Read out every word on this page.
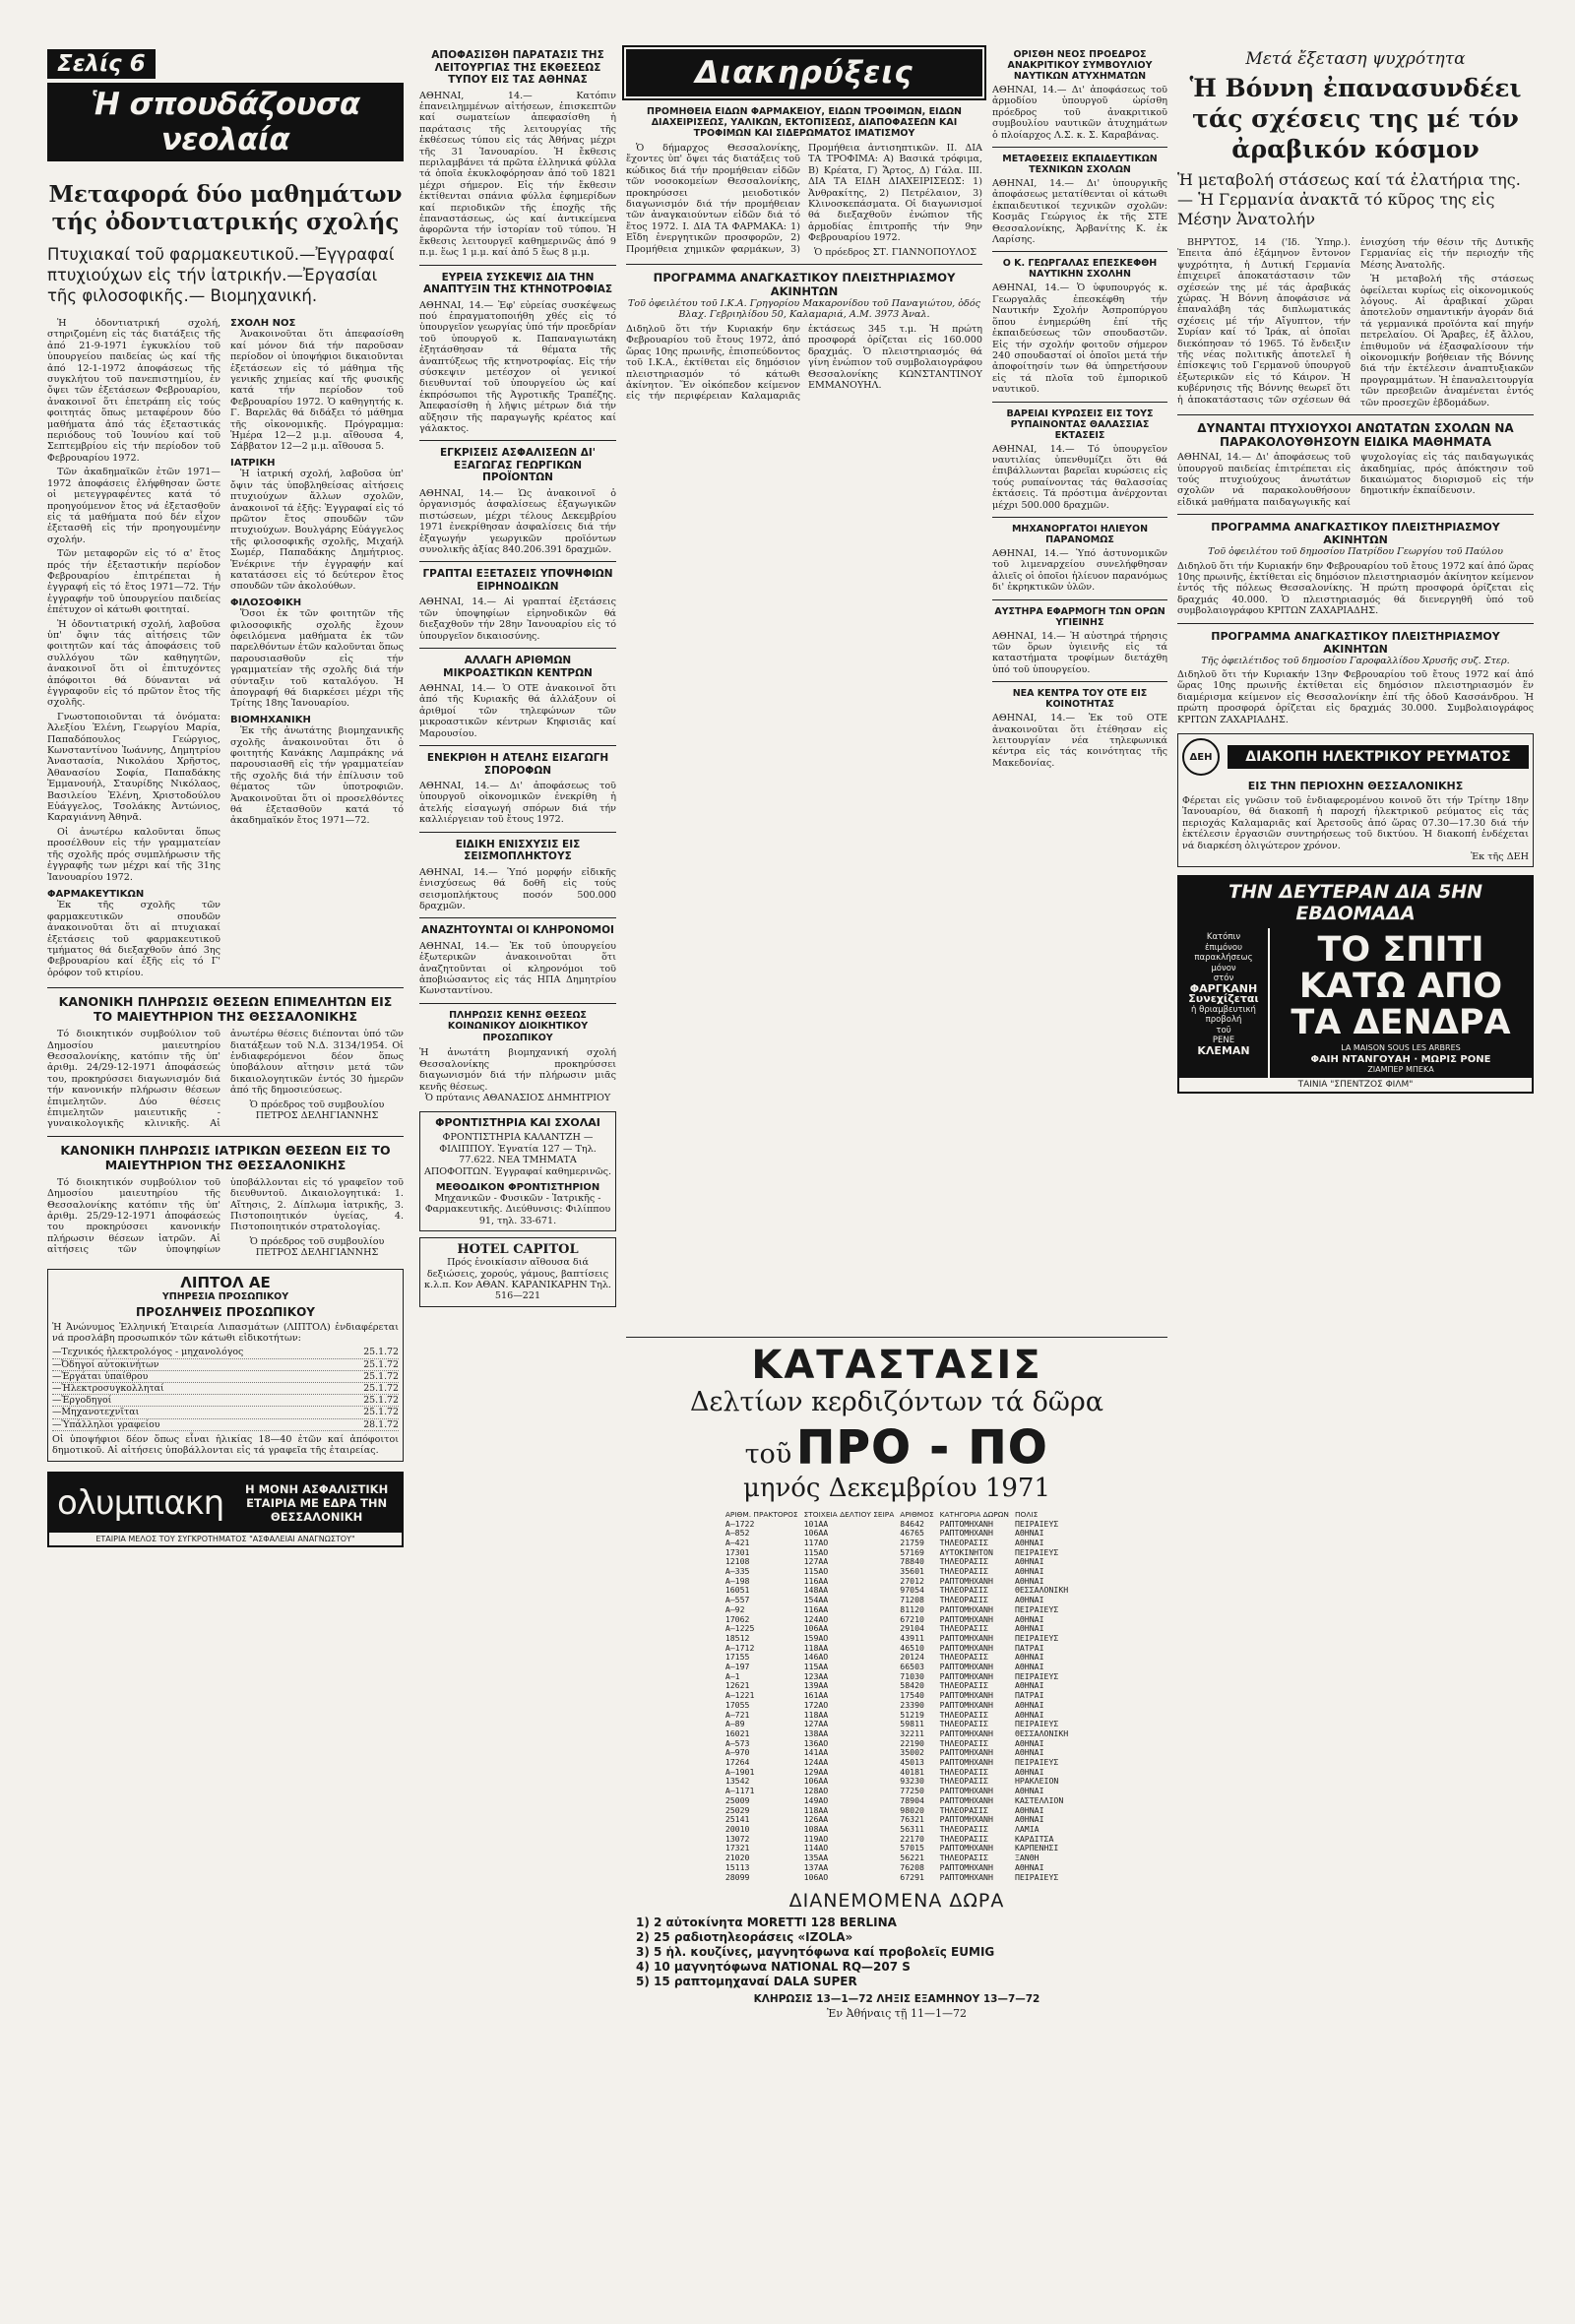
Σελίς 6
Ἡ σπουδάζουσα νεολαία
Μεταφορά δύο μαθημάτων τής ὀδοντιατρικής σχολής
Πτυχιακαί τοῦ φαρμακευτικοῦ.—Ἐγγραφαί πτυχιούχων εἰς τήν ἰατρικήν.—Ἐργασίαι τῆς φιλοσοφικῆς.— Βιομηχανική.

Ἡ ὀδοντιατρική σχολή, στηριζομένη εἰς τάς διατάξεις τῆς ἀπό 21-9-1971 ἐγκυκλίου τοῦ ὑπουργείου παιδείας ὡς καί τῆς ἀπό 12-1-1972 ἀποφάσεως τῆς συγκλήτου τοῦ πανεπιστημίου, ἐν ὄψει τῶν ἐξετάσεων Φεβρουαρίου, ἀνακοινοῖ ὅτι ἐπετράπη εἰς τούς φοιτητάς ὅπως μεταφέρουν δύο μαθήματα ἀπό τάς ἐξεταστικάς περιόδους τοῦ Ἰουνίου καί τοῦ Σεπτεμβρίου εἰς τήν περίοδον τοῦ Φεβρουαρίου 1972.

Τῶν ἀκαδημαϊκῶν ἐτῶν 1971—1972 ἀποφάσεις ἐλήφθησαν ὥστε οἱ μετεγγραφέντες κατά τό προηγούμενον ἔτος νά ἐξετασθοῦν εἰς τά μαθήματα πού δέν εἶχον ἐξετασθῆ εἰς τήν προηγουμένην σχολήν.

Τῶν μεταφορῶν εἰς τό α' ἔτος πρός τήν ἐξεταστικήν περίοδον Φεβρουαρίου ἐπιτρέπεται ἡ ἐγγραφή εἰς τό ἔτος 1971—72. Τήν ἐγγραφήν τοῦ ὑπουργείου παιδείας ἐπέτυχον οἱ κάτωθι φοιτηταί.

Ἡ ὀδοντιατρική σχολή, λαβοῦσα ὑπ' ὄψιν τάς αἰτήσεις τῶν φοιτητῶν καί τάς ἀποφάσεις τοῦ συλλόγου τῶν καθηγητῶν, ἀνακοινοῖ ὅτι οἱ ἐπιτυχόντες ἀπόφοιτοι θά δύνανται νά ἐγγραφοῦν εἰς τό πρῶτον ἔτος τῆς σχολῆς.

Γνωστοποιοῦνται τά ὀνόματα: Ἀλεξίου Ἐλένη, Γεωργίου Μαρία, Παπαδόπουλος Γεώργιος, Κωνσταντίνου Ἰωάννης, Δημητρίου Ἀναστασία, Νικολάου Χρῆστος, Ἀθανασίου Σοφία, Παπαδάκης Ἐμμανουήλ, Σταυρίδης Νικόλαος, Βασιλείου Ἑλένη, Χριστοδούλου Εὐάγγελος, Τσολάκης Ἀντώνιος, Καραγιάννη Ἀθηνᾶ.

Οἱ ἀνωτέρω καλοῦνται ὅπως προσέλθουν εἰς τήν γραμματείαν τῆς σχολῆς πρός συμπλήρωσιν τῆς ἐγγραφῆς των μέχρι καί τῆς 31ης Ἰανουαρίου 1972.

ΦΑΡΜΑΚΕΥΤΙΚΩΝ

Ἐκ τῆς σχολῆς τῶν φαρμακευτικῶν σπουδῶν ἀνακοινοῦται ὅτι αἱ πτυχιακαί ἐξετάσεις τοῦ φαρμακευτικοῦ τμήματος θά διεξαχθοῦν ἀπό 3ης Φεβρουαρίου καί ἑξῆς εἰς τό Γ' ὁρόφον τοῦ κτιρίου.

ΣΧΟΛΗ ΝΟΣ

Ἀνακοινοῦται ὅτι ἀπεφασίσθη καί μόνον διά τήν παροῦσαν περίοδον οἱ ὑποψήφιοι δικαιοῦνται ἐξετάσεων εἰς τό μάθημα τῆς γενικῆς χημείας καί τῆς φυσικῆς κατά τήν περίοδον τοῦ Φεβρουαρίου 1972. Ὁ καθηγητής κ. Γ. Βαρελᾶς θά διδάξει τό μάθημα τῆς οἰκονομικῆς. Πρόγραμμα: Ἡμέρα 12—2 μ.μ. αἴθουσα 4, Σάββατον 12—2 μ.μ. αἴθουσα 5.

ΙΑΤΡΙΚΗ

Ἡ ἰατρική σχολή, λαβοῦσα ὑπ' ὄψιν τάς ὑποβληθείσας αἰτήσεις πτυχιούχων ἄλλων σχολῶν, ἀνακοινοῖ τά ἑξῆς: Ἐγγραφαί εἰς τό πρῶτον ἔτος σπουδῶν τῶν πτυχιούχων. Βουλγάρης Εὐάγγελος τῆς φιλοσοφικῆς σχολῆς, Μιχαήλ Σωμέρ, Παπαδάκης Δημήτριος. Ἐνέκρινε τήν ἐγγραφήν καί κατατάσσει εἰς τό δεύτερον ἔτος σπουδῶν τῶν ἀκολούθων.

ΦΙΛΟΣΟΦΙΚΗ

Ὅσοι ἐκ τῶν φοιτητῶν τῆς φιλοσοφικῆς σχολῆς ἔχουν ὀφειλόμενα μαθήματα ἐκ τῶν παρελθόντων ἐτῶν καλοῦνται ὅπως παρουσιασθοῦν εἰς τήν γραμματείαν τῆς σχολῆς διά τήν σύνταξιν τοῦ καταλόγου. Ἡ ἀπογραφή θά διαρκέσει μέχρι τῆς Τρίτης 18ης Ἰανουαρίου.

ΒΙΟΜΗΧΑΝΙΚΗ

Ἐκ τῆς ἀνωτάτης βιομηχανικῆς σχολῆς ἀνακοινοῦται ὅτι ὁ φοιτητής Κανάκης Λαμπράκης νά παρουσιασθῆ εἰς τήν γραμματείαν τῆς σχολῆς διά τήν ἐπίλυσιν τοῦ θέματος τῶν ὑποτροφιῶν. Ἀνακοινοῦται ὅτι οἱ προσελθόντες θά ἐξετασθοῦν κατά τό ἀκαδημαϊκόν ἔτος 1971—72.

ΚΑΝΟΝΙΚΗ ΠΛΗΡΩΣΙΣ ΘΕΣΕΩΝ ΕΠΙΜΕΛΗΤΩΝ ΕΙΣ ΤΟ ΜΑΙΕΥΤΗΡΙΟΝ ΤΗΣ ΘΕΣΣΑΛΟΝΙΚΗΣ

Τό διοικητικόν συμβούλιον τοῦ Δημοσίου μαιευτηρίου Θεσσαλονίκης, κατόπιν τῆς ὑπ' ἀριθμ. 24/29-12-1971 ἀποφάσεώς του, προκηρύσσει διαγωνισμόν διά τήν κανονικήν πλήρωσιν θέσεων ἐπιμελητῶν. Δύο θέσεις ἐπιμελητῶν μαιευτικῆς - γυναικολογικῆς κλινικῆς. Αἱ ἀνωτέρω θέσεις διέπονται ὑπό τῶν διατάξεων τοῦ Ν.Δ. 3134/1954. Οἱ ἐνδιαφερόμενοι δέον ὅπως ὑποβάλουν αἴτησιν μετά τῶν δικαιολογητικῶν ἐντός 30 ἡμερῶν ἀπό τῆς δημοσιεύσεως.

Ὁ πρόεδρος τοῦ συμβουλίου ΠΕΤΡΟΣ ΔΕΛΗΓΙΑΝΝΗΣ

ΚΑΝΟΝΙΚΗ ΠΛΗΡΩΣΙΣ ΙΑΤΡΙΚΩΝ ΘΕΣΕΩΝ ΕΙΣ ΤΟ ΜΑΙΕΥΤΗΡΙΟΝ ΤΗΣ ΘΕΣΣΑΛΟΝΙΚΗΣ

Τό διοικητικόν συμβούλιον τοῦ Δημοσίου μαιευτηρίου τῆς Θεσσαλονίκης κατόπιν τῆς ὑπ' ἀριθμ. 25/29-12-1971 ἀποφάσεώς του προκηρύσσει κανονικήν πλήρωσιν θέσεων ἰατρῶν. Αἱ αἰτήσεις τῶν ὑποψηφίων ὑποβάλλονται εἰς τό γραφεῖον τοῦ διευθυντοῦ. Δικαιολογητικά: 1. Αἴτησις, 2. Δίπλωμα ἰατρικῆς, 3. Πιστοποιητικόν ὑγείας, 4. Πιστοποιητικόν στρατολογίας.

Ὁ πρόεδρος τοῦ συμβουλίου ΠΕΤΡΟΣ ΔΕΛΗΓΙΑΝΝΗΣ

ΛΙΠΤΟΛ ΑΕ
ΥΠΗΡΕΣΙΑ ΠΡΟΣΩΠΙΚΟΥ
ΠΡΟΣΛΗΨΕΙΣ ΠΡΟΣΩΠΙΚΟΥ
Ἡ Ἀνώνυμος Ἑλληνική Ἑταιρεία Λιπασμάτων (ΛΙΠΤΟΛ) ἐνδιαφέρεται νά προσλάβη προσωπικόν τῶν κάτωθι εἰδικοτήτων:
—Τεχνικός ἠλεκτρολόγος - μηχανολόγος	25.1.72
—Ὀδηγοί αὐτοκινήτων	25.1.72
—Ἐργάται ὑπαίθρου	25.1.72
—Ἠλεκτροσυγκολληταί	25.1.72
—Ἐργοδηγοί	25.1.72
—Μηχανοτεχνῖται	25.1.72
—Ὑπάλληλοι γραφείου	28.1.72
Οἱ ὑποψήφιοι δέον ὅπως εἶναι ἡλικίας 18—40 ἐτῶν καί ἀπόφοιτοι δημοτικοῦ. Αἱ αἰτήσεις ὑποβάλλονται εἰς τά γραφεῖα τῆς ἑταιρείας.
ολυμπιακη	Η ΜΟΝΗ ΑΣΦΑΛΙΣΤΙΚΗ
ΕΤΑΙΡΙΑ ΜΕ ΕΔΡΑ ΤΗΝ ΘΕΣΣΑΛΟΝΙΚΗ
ΕΤΑΙΡΙΑ ΜΕΛΟΣ ΤΟΥ ΣΥΓΚΡΟΤΗΜΑΤΟΣ "ΑΣΦΑΛΕΙΑΙ ΑΝΑΓΝΩΣΤΟΥ"
ΑΠΟΦΑΣΙΣΘΗ ΠΑΡΑΤΑΣΙΣ ΤΗΣ ΛΕΙΤΟΥΡΓΙΑΣ ΤΗΣ ΕΚΘΕΣΕΩΣ ΤΥΠΟΥ ΕΙΣ ΤΑΣ ΑΘΗΝΑΣ
ΑΘΗΝΑΙ, 14.— Κατόπιν ἐπανειλημμένων αἰτήσεων, ἐπισκεπτῶν καί σωματείων ἀπεφασίσθη ἡ παράτασις τῆς λειτουργίας τῆς ἐκθέσεως τύπου εἰς τάς Ἀθήνας μέχρι τῆς 31 Ἰανουαρίου. Ἡ ἔκθεσις περιλαμβάνει τά πρῶτα ἑλληνικά φύλλα τά ὁποῖα ἐκυκλοφόρησαν ἀπό τοῦ 1821 μέχρι σήμερον. Εἰς τήν ἔκθεσιν ἐκτίθενται σπάνια φύλλα ἐφημερίδων καί περιοδικῶν τῆς ἐποχῆς τῆς ἐπαναστάσεως, ὡς καί ἀντικείμενα ἀφορῶντα τήν ἱστορίαν τοῦ τύπου. Ἡ ἔκθεσις λειτουργεῖ καθημερινῶς ἀπό 9 π.μ. ἕως 1 μ.μ. καί ἀπό 5 ἕως 8 μ.μ.
ΕΥΡΕΙΑ ΣΥΣΚΕΨΙΣ ΔΙΑ ΤΗΝ ΑΝΑΠΤΥΞΙΝ ΤΗΣ ΚΤΗΝΟΤΡΟΦΙΑΣ
ΑΘΗΝΑΙ, 14.— Ἐφ' εὐρείας συσκέψεως πού ἐπραγματοποιήθη χθές εἰς τό ὑπουργεῖον γεωργίας ὑπό τήν προεδρίαν τοῦ ὑπουργοῦ κ. Παπαναγιωτάκη ἐξητάσθησαν τά θέματα τῆς ἀναπτύξεως τῆς κτηνοτροφίας. Εἰς τήν σύσκεψιν μετέσχον οἱ γενικοί διευθυνταί τοῦ ὑπουργείου ὡς καί ἐκπρόσωποι τῆς Ἀγροτικῆς Τραπέζης. Ἀπεφασίσθη ἡ λῆψις μέτρων διά τήν αὔξησιν τῆς παραγωγῆς κρέατος καί γάλακτος.
ΕΓΚΡΙΣΕΙΣ ΑΣΦΑΛΙΣΕΩΝ ΔΙ' ΕΞΑΓΩΓΑΣ ΓΕΩΡΓΙΚΩΝ ΠΡΟΪΟΝΤΩΝ
ΑΘΗΝΑΙ, 14.— Ὡς ἀνακοινοῖ ὁ ὀργανισμός ἀσφαλίσεως ἐξαγωγικῶν πιστώσεων, μέχρι τέλους Δεκεμβρίου 1971 ἐνεκρίθησαν ἀσφαλίσεις διά τήν ἐξαγωγήν γεωργικῶν προϊόντων συνολικῆς ἀξίας 840.206.391 δραχμῶν.
ΓΡΑΠΤΑΙ ΕΞΕΤΑΣΕΙΣ ΥΠΟΨΗΦΙΩΝ ΕΙΡΗΝΟΔΙΚΩΝ
ΑΘΗΝΑΙ, 14.— Αἱ γραπταί ἐξετάσεις τῶν ὑποψηφίων εἰρηνοδικῶν θά διεξαχθοῦν τήν 28ην Ἰανουαρίου εἰς τό ὑπουργεῖον δικαιοσύνης.
ΑΛΛΑΓΗ ΑΡΙΘΜΩΝ ΜΙΚΡΟΑΣΤΙΚΩΝ ΚΕΝΤΡΩΝ
ΑΘΗΝΑΙ, 14.— Ὁ ΟΤΕ ἀνακοινοῖ ὅτι ἀπό τῆς Κυριακῆς θά ἀλλάξουν οἱ ἀριθμοί τῶν τηλεφώνων τῶν μικροαστικῶν κέντρων Κηφισιᾶς καί Μαρουσίου.
ΕΝΕΚΡΙΘΗ Η ΑΤΕΛΗΣ ΕΙΣΑΓΩΓΗ ΣΠΟΡΟΦΩΝ
ΑΘΗΝΑΙ, 14.— Δι' ἀποφάσεως τοῦ ὑπουργοῦ οἰκονομικῶν ἐνεκρίθη ἡ ἀτελής εἰσαγωγή σπόρων διά τήν καλλιέργειαν τοῦ ἔτους 1972.
ΕΙΔΙΚΗ ΕΝΙΣΧΥΣΙΣ ΕΙΣ ΣΕΙΣΜΟΠΛΗΚΤΟΥΣ
ΑΘΗΝΑΙ, 14.— Ὑπό μορφήν εἰδικῆς ἐνισχύσεως θά δοθῆ εἰς τούς σεισμοπλήκτους ποσόν 500.000 δραχμῶν.
ΑΝΑΖΗΤΟΥΝΤΑΙ ΟΙ ΚΛΗΡΟΝΟΜΟΙ
ΑΘΗΝΑΙ, 14.— Ἐκ τοῦ ὑπουργείου ἐξωτερικῶν ἀνακοινοῦται ὅτι ἀναζητοῦνται οἱ κληρονόμοι τοῦ ἀποβιώσαντος εἰς τάς ΗΠΑ Δημητρίου Κωνσταντίνου.
ΠΛΗΡΩΣΙΣ ΚΕΝΗΣ ΘΕΣΕΩΣ ΚΟΙΝΩΝΙΚΟΥ ΔΙΟΙΚΗΤΙΚΟΥ ΠΡΟΣΩΠΙΚΟΥ
Ἡ ἀνωτάτη βιομηχανική σχολή Θεσσαλονίκης προκηρύσσει διαγωνισμόν διά τήν πλήρωσιν μιᾶς κενῆς θέσεως.
Ὁ πρύτανις ΑΘΑΝΑΣΙΟΣ ΔΗΜΗΤΡΙΟΥ
ΦΡΟΝΤΙΣΤΗΡΙΑ ΚΑΙ ΣΧΟΛΑΙ
ΦΡΟΝΤΙΣΤΗΡΙΑ ΚΑΛΑΝΤΖΗ — ΦΙΛΙΠΠΟΥ. Ἐγνατία 127 — Τηλ. 77.622. ΝΕΑ ΤΜΗΜΑΤΑ ΑΠΟΦΟΙΤΩΝ. Ἐγγραφαί καθημερινῶς.
ΜΕΘΟΔΙΚΟΝ ΦΡΟΝΤΙΣΤΗΡΙΟΝ
Μηχανικῶν - Φυσικῶν - Ἰατρικῆς - Φαρμακευτικῆς. Διεύθυνσις: Φιλίππου 91, τηλ. 33-671.
HOTEL CAPITOL
Πρός ἐνοικίασιν αἴθουσα διά δεξιώσεις, χορούς, γάμους, βαπτίσεις κ.λ.π. Κον ΑΘΑΝ. ΚΑΡΑΝΙΚΑΡΗΝ Τηλ. 516—221
Διακηρύξεις
ΠΡΟΜΗΘΕΙΑ ΕΙΔΩΝ ΦΑΡΜΑΚΕΙΟΥ, ΕΙΔΩΝ ΤΡΟΦΙΜΩΝ, ΕΙΔΩΝ ΔΙΑΧΕΙΡΙΣΕΩΣ, ΥΑΛΙΚΩΝ, ΕΚΤΟΠΙΣΕΩΣ, ΔΙΑΠΟΦΑΣΕΩΝ ΚΑΙ ΤΡΟΦΙΜΩΝ ΚΑΙ ΣΙΔΕΡΩΜΑΤΟΣ ΙΜΑΤΙΣΜΟΥ

Ὁ δήμαρχος Θεσσαλονίκης, ἔχοντες ὑπ' ὄψει τάς διατάξεις τοῦ κώδικος διά τήν προμήθειαν εἰδῶν τῶν νοσοκομείων Θεσσαλονίκης, προκηρύσσει μειοδοτικόν διαγωνισμόν διά τήν προμήθειαν τῶν ἀναγκαιούντων εἰδῶν διά τό ἔτος 1972. Ι. ΔΙΑ ΤΑ ΦΑΡΜΑΚΑ: 1) Εἴδη ἐνεργητικῶν προσφορῶν, 2) Προμήθεια χημικῶν φαρμάκων, 3) Προμήθεια ἀντισηπτικῶν. ΙΙ. ΔΙΑ ΤΑ ΤΡΟΦΙΜΑ: Α) Βασικά τρόφιμα, Β) Κρέατα, Γ) Ἄρτος, Δ) Γάλα. ΙΙΙ. ΔΙΑ ΤΑ ΕΙΔΗ ΔΙΑΧΕΙΡΙΣΕΩΣ: 1) Ἀνθρακίτης, 2) Πετρέλαιον, 3) Κλινοσκεπάσματα. Οἱ διαγωνισμοί θά διεξαχθοῦν ἐνώπιον τῆς ἁρμοδίας ἐπιτροπῆς τήν 9ην Φεβρουαρίου 1972.

Ὁ πρόεδρος ΣΤ. ΓΙΑΝΝΟΠΟΥΛΟΣ

ΠΡΟΓΡΑΜΜΑ ΑΝΑΓΚΑΣΤΙΚΟΥ ΠΛΕΙΣΤΗΡΙΑΣΜΟΥ ΑΚΙΝΗΤΩΝ
Τοῦ ὀφειλέτου τοῦ Ι.Κ.Α. Γρηγορίου Μακαρονίδου τοῦ Παναγιώτου, ὁδός Βλαχ. Γεβριηλίδου 50, Καλαμαριά, Α.Μ. 3973 Ἀναλ.
Διδηλοῦ ὅτι τήν Κυριακήν 6ην Φεβρουαρίου τοῦ ἔτους 1972, ἀπό ὥρας 10ης πρωινῆς, ἐπισπεύδοντος τοῦ Ι.Κ.Α., ἐκτίθεται εἰς δημόσιον πλειστηριασμόν τό κάτωθι ἀκίνητον. Ἕν οἰκόπεδον κείμενον εἰς τήν περιφέρειαν Καλαμαριᾶς ἐκτάσεως 345 τ.μ. Ἡ πρώτη προσφορά ὁρίζεται εἰς 160.000 δραχμάς. Ὁ πλειστηριασμός θά γίνη ἐνώπιον τοῦ συμβολαιογράφου Θεσσαλονίκης ΚΩΝΣΤΑΝΤΙΝΟΥ ΕΜΜΑΝΟΥΗΛ.
ΟΡΙΣΘΗ ΝΕΟΣ ΠΡΟΕΔΡΟΣ ΑΝΑΚΡΙΤΙΚΟΥ ΣΥΜΒΟΥΛΙΟΥ ΝΑΥΤΙΚΩΝ ΑΤΥΧΗΜΑΤΩΝ
ΑΘΗΝΑΙ, 14.— Δι' ἀποφάσεως τοῦ ἀρμοδίου ὑπουργοῦ ὡρίσθη πρόεδρος τοῦ ἀνακριτικοῦ συμβουλίου ναυτικῶν ἀτυχημάτων ὁ πλοίαρχος Λ.Σ. κ. Σ. Καραβάνας.
ΜΕΤΑΘΕΣΕΙΣ ΕΚΠΑΙΔΕΥΤΙΚΩΝ ΤΕΧΝΙΚΩΝ ΣΧΟΛΩΝ
ΑΘΗΝΑΙ, 14.— Δι' ὑπουργικῆς ἀποφάσεως μετατίθενται οἱ κάτωθι ἐκπαιδευτικοί τεχνικῶν σχολῶν: Κοσμᾶς Γεώργιος ἐκ τῆς ΣΤΕ Θεσσαλονίκης, Ἀρβανίτης Κ. ἐκ Λαρίσης.
Ο Κ. ΓΕΩΡΓΑΛΑΣ ΕΠΕΣΚΕΦΘΗ ΝΑΥΤΙΚΗΝ ΣΧΟΛΗΝ
ΑΘΗΝΑΙ, 14.— Ὁ ὑφυπουργός κ. Γεωργαλᾶς ἐπεσκέφθη τήν Ναυτικήν Σχολήν Ἀσπροπύργου ὅπου ἐνημερώθη ἐπί τῆς ἐκπαιδεύσεως τῶν σπουδαστῶν. Εἰς τήν σχολήν φοιτοῦν σήμερον 240 σπουδασταί οἱ ὁποῖοι μετά τήν ἀποφοίτησίν των θά ὑπηρετήσουν εἰς τά πλοῖα τοῦ ἐμπορικοῦ ναυτικοῦ.
ΒΑΡΕΙΑΙ ΚΥΡΩΣΕΙΣ ΕΙΣ ΤΟΥΣ ΡΥΠΑΙΝΟΝΤΑΣ ΘΑΛΑΣΣΙΑΣ ΕΚΤΑΣΕΙΣ
ΑΘΗΝΑΙ, 14.— Τό ὑπουργεῖον ναυτιλίας ὑπενθυμίζει ὅτι θά ἐπιβάλλωνται βαρεῖαι κυρώσεις εἰς τούς ρυπαίνοντας τάς θαλασσίας ἐκτάσεις. Τά πρόστιμα ἀνέρχονται μέχρι 500.000 δραχμῶν.
ΜΗΧΑΝΟΡΓΑΤΟΙ ΗΛΙΕΥΟΝ ΠΑΡΑΝΟΜΩΣ
ΑΘΗΝΑΙ, 14.— Ὑπό ἀστυνομικῶν τοῦ λιμεναρχείου συνελήφθησαν ἁλιεῖς οἱ ὁποῖοι ἡλίευον παρανόμως δι' ἐκρηκτικῶν ὑλῶν.
ΑΥΣΤΗΡΑ ΕΦΑΡΜΟΓΗ ΤΩΝ ΟΡΩΝ ΥΓΙΕΙΝΗΣ
ΑΘΗΝΑΙ, 14.— Ἡ αὐστηρά τήρησις τῶν ὅρων ὑγιεινῆς εἰς τά καταστήματα τροφίμων διετάχθη ὑπό τοῦ ὑπουργείου.
ΝΕΑ ΚΕΝΤΡΑ ΤΟΥ ΟΤΕ ΕΙΣ ΚΟΙΝΟΤΗΤΑΣ
ΑΘΗΝΑΙ, 14.— Ἐκ τοῦ ΟΤΕ ἀνακοινοῦται ὅτι ἐτέθησαν εἰς λειτουργίαν νέα τηλεφωνικά κέντρα εἰς τάς κοινότητας τῆς Μακεδονίας.
Μετά ἔξεταση ψυχρότητα
Ἡ Βόννη ἐπανασυνδέει τάς σχέσεις της μέ τόν ἀραβικόν κόσμον
Ἡ μεταβολή στάσεως καί τά ἐλατήρια της.— Ἡ Γερμανία ἀνακτᾶ τό κῦρος της εἰς Μέσην Ἀνατολήν

ΒΗΡΥΤΟΣ, 14 ('Ιδ. Ὑπηρ.). Ἐπειτα ἀπό ἑξάμηνον ἔντονον ψυχρότητα, ἡ Δυτική Γερμανία ἐπιχειρεῖ ἀποκατάστασιν τῶν σχέσεών της μέ τάς ἀραβικάς χώρας. Ἡ Βόννη ἀποφάσισε νά ἐπαναλάβη τάς διπλωματικάς σχέσεις μέ τήν Αἴγυπτον, τήν Συρίαν καί τό Ἰράκ, αἱ ὁποῖαι διεκόπησαν τό 1965. Τό ἔνδειξιν τῆς νέας πολιτικῆς ἀποτελεῖ ἡ ἐπίσκεψις τοῦ Γερμανοῦ ὑπουργοῦ ἐξωτερικῶν εἰς τό Κάιρον. Ἡ κυβέρνησις τῆς Βόννης θεωρεῖ ὅτι ἡ ἀποκατάστασις τῶν σχέσεων θά ἐνισχύση τήν θέσιν τῆς Δυτικῆς Γερμανίας εἰς τήν περιοχήν τῆς Μέσης Ἀνατολῆς.

Ἡ μεταβολή τῆς στάσεως ὀφείλεται κυρίως εἰς οἰκονομικούς λόγους. Αἱ ἀραβικαί χῶραι ἀποτελοῦν σημαντικήν ἀγοράν διά τά γερμανικά προϊόντα καί πηγήν πετρελαίου. Οἱ Ἄραβες, ἐξ ἄλλου, ἐπιθυμοῦν νά ἐξασφαλίσουν τήν οἰκονομικήν βοήθειαν τῆς Βόννης διά τήν ἐκτέλεσιν ἀναπτυξιακῶν προγραμμάτων. Ἡ ἐπαναλειτουργία τῶν πρεσβειῶν ἀναμένεται ἐντός τῶν προσεχῶν ἑβδομάδων.

ΔΥΝΑΝΤΑΙ ΠΤΥΧΙΟΥΧΟΙ ΑΝΩΤΑΤΩΝ ΣΧΟΛΩΝ ΝΑ ΠΑΡΑΚΟΛΟΥΘΗΣΟΥΝ ΕΙΔΙΚΑ ΜΑΘΗΜΑΤΑ
ΑΘΗΝΑΙ, 14.— Δι' ἀποφάσεως τοῦ ὑπουργοῦ παιδείας ἐπιτρέπεται εἰς τούς πτυχιούχους ἀνωτάτων σχολῶν νά παρακολουθήσουν εἰδικά μαθήματα παιδαγωγικῆς καί ψυχολογίας εἰς τάς παιδαγωγικάς ἀκαδημίας, πρός ἀπόκτησιν τοῦ δικαιώματος διορισμοῦ εἰς τήν δημοτικήν ἐκπαίδευσιν.
ΠΡΟΓΡΑΜΜΑ ΑΝΑΓΚΑΣΤΙΚΟΥ ΠΛΕΙΣΤΗΡΙΑΣΜΟΥ ΑΚΙΝΗΤΩΝ
Τοῦ ὀφειλέτου τοῦ δημοσίου Πατρίδου Γεωργίου τοῦ Παύλου
Διδηλοῦ ὅτι τήν Κυριακήν 6ην Φεβρουαρίου τοῦ ἔτους 1972 καί ἀπό ὥρας 10ης πρωινῆς, ἐκτίθεται εἰς δημόσιον πλειστηριασμόν ἀκίνητον κείμενον ἐντός τῆς πόλεως Θεσσαλονίκης. Ἡ πρώτη προσφορά ὁρίζεται εἰς δραχμάς 40.000. Ὁ πλειστηριασμός θά διενεργηθῆ ὑπό τοῦ συμβολαιογράφου ΚΡΙΤΩΝ ΖΑΧΑΡΙΑΔΗΣ.
ΠΡΟΓΡΑΜΜΑ ΑΝΑΓΚΑΣΤΙΚΟΥ ΠΛΕΙΣΤΗΡΙΑΣΜΟΥ ΑΚΙΝΗΤΩΝ
Τῆς ὀφειλέτιδος τοῦ δημοσίου Γαροφαλλίδου Χρυσῆς συζ. Στερ.
Διδηλοῦ ὅτι τήν Κυριακήν 13ην Φεβρουαρίου τοῦ ἔτους 1972 καί ἀπό ὥρας 10ης πρωινῆς ἐκτίθεται εἰς δημόσιον πλειστηριασμόν ἕν διαμέρισμα κείμενον εἰς Θεσσαλονίκην ἐπί τῆς ὁδοῦ Κασσάνδρου. Ἡ πρώτη προσφορά ὁρίζεται εἰς δραχμάς 30.000. Συμβολαιογράφος ΚΡΙΤΩΝ ΖΑΧΑΡΙΑΔΗΣ.
ΔΕΗ	ΔΙΑΚΟΠΗ ΗΛΕΚΤΡΙΚΟΥ ΡΕΥΜΑΤΟΣ
ΕΙΣ ΤΗΝ ΠΕΡΙΟΧΗΝ ΘΕΣΣΑΛΟΝΙΚΗΣ
Φέρεται εἰς γνῶσιν τοῦ ἐνδιαφερομένου κοινοῦ ὅτι τήν Τρίτην 18ην Ἰανουαρίου, θά διακοπῆ ἡ παροχή ἠλεκτρικοῦ ρεύματος εἰς τάς περιοχάς Καλαμαριᾶς καί Ἀρετσοῦς ἀπό ὥρας 07.30—17.30 διά τήν ἐκτέλεσιν ἐργασιῶν συντηρήσεως τοῦ δικτύου. Ἡ διακοπή ἐνδέχεται νά διαρκέση ὀλιγώτερον χρόνον.
Ἐκ τῆς ΔΕΗ
ΤΗΝ ΔΕΥΤΕΡΑΝ ΔΙΑ 5ΗΝ ΕΒΔΟΜΑΔΑ
Κατόπιν
ἐπιμόνου
παρακλήσεως
μόνον
στόν
ΦΑΡΓΚΑΝΗ
Συνεχίζεται
ἡ θριαμβευτική
προβολή
τοῦ
ΡΕΝΕ
ΚΛΕΜΑΝ
ΤΟ ΣΠΙΤΙ ΚΑΤΩ ΑΠΟ ΤΑ ΔΕΝΔΡΑ
LA MAISON SOUS LES ARBRES
ΦΑΙΗ ΝΤΑΝΓΟΥΑΗ · ΜΩΡΙΣ ΡΟΝΕ
ΖΙΑΜΠΕΡ ΜΠΕΚΑ
ΤΑΙΝΙΑ "ΣΠΕΝΤΖΟΣ ΦΙΛΜ"
ΚΑΤΑΣΤΑΣΙΣ
Δελτίων κερδιζόντων τά δῶρα
τοῦ ΠΡΟ - ΠΟ
μηνός Δεκεμβρίου 1971
ΑΡΙΘΜ. ΠΡΑΚΤΟΡΟΣ	ΣΤΟΙΧΕΙΑ ΔΕΛΤΙΟΥ ΣΕΙΡΑ	ΑΡΙΘΜΟΣ	ΚΑΤΗΓΟΡΙΑ ΔΩΡΩΝ	ΠΟΛΙΣ
Α—1722	101ΑΑ	84642	ΡΑΠΤΟΜΗΧΑΝΗ	ΠΕΙΡΑΙΕΥΣ
Α—852	106ΑΑ	46765	ΡΑΠΤΟΜΗΧΑΝΗ	ΑΘΗΝΑΙ
Α—421	117ΑΟ	21759	ΤΗΛΕΟΡΑΣΙΣ	ΑΘΗΝΑΙ
17301	115ΑΟ	57169	ΑΥΤΟΚΙΝΗΤΟΝ	ΠΕΙΡΑΙΕΥΣ
12108	127ΑΑ	78840	ΤΗΛΕΟΡΑΣΙΣ	ΑΘΗΝΑΙ
Α—335	115ΑΟ	35601	ΤΗΛΕΟΡΑΣΙΣ	ΑΘΗΝΑΙ
Α—198	116ΑΑ	27012	ΡΑΠΤΟΜΗΧΑΝΗ	ΑΘΗΝΑΙ
16051	148ΑΑ	97054	ΤΗΛΕΟΡΑΣΙΣ	ΘΕΣΣΑΛΟΝΙΚΗ
Α—557	154ΑΑ	71208	ΤΗΛΕΟΡΑΣΙΣ	ΑΘΗΝΑΙ
Α—92	116ΑΑ	81120	ΡΑΠΤΟΜΗΧΑΝΗ	ΠΕΙΡΑΙΕΥΣ
17062	124ΑΟ	67210	ΡΑΠΤΟΜΗΧΑΝΗ	ΑΘΗΝΑΙ
Α—1225	106ΑΑ	29104	ΤΗΛΕΟΡΑΣΙΣ	ΑΘΗΝΑΙ
18512	159ΑΟ	43911	ΡΑΠΤΟΜΗΧΑΝΗ	ΠΕΙΡΑΙΕΥΣ
Α—1712	118ΑΑ	46510	ΡΑΠΤΟΜΗΧΑΝΗ	ΠΑΤΡΑΙ
17155	146ΑΟ	20124	ΤΗΛΕΟΡΑΣΙΣ	ΑΘΗΝΑΙ
Α—197	115ΑΑ	66503	ΡΑΠΤΟΜΗΧΑΝΗ	ΑΘΗΝΑΙ
Α—1	123ΑΑ	71030	ΡΑΠΤΟΜΗΧΑΝΗ	ΠΕΙΡΑΙΕΥΣ
12621	139ΑΑ	58420	ΤΗΛΕΟΡΑΣΙΣ	ΑΘΗΝΑΙ
Α—1221	161ΑΑ	17540	ΡΑΠΤΟΜΗΧΑΝΗ	ΠΑΤΡΑΙ
17055	172ΑΟ	23390	ΡΑΠΤΟΜΗΧΑΝΗ	ΑΘΗΝΑΙ
Α—721	118ΑΑ	51219	ΤΗΛΕΟΡΑΣΙΣ	ΑΘΗΝΑΙ
Α—89	127ΑΑ	59811	ΤΗΛΕΟΡΑΣΙΣ	ΠΕΙΡΑΙΕΥΣ
16021	138ΑΑ	32211	ΡΑΠΤΟΜΗΧΑΝΗ	ΘΕΣΣΑΛΟΝΙΚΗ
Α—573	136ΑΟ	22190	ΤΗΛΕΟΡΑΣΙΣ	ΑΘΗΝΑΙ
Α—970	141ΑΑ	35002	ΡΑΠΤΟΜΗΧΑΝΗ	ΑΘΗΝΑΙ
17264	124ΑΑ	45013	ΡΑΠΤΟΜΗΧΑΝΗ	ΠΕΙΡΑΙΕΥΣ
Α—1901	129ΑΑ	40181	ΤΗΛΕΟΡΑΣΙΣ	ΑΘΗΝΑΙ
13542	106ΑΑ	93230	ΤΗΛΕΟΡΑΣΙΣ	ΗΡΑΚΛΕΙΟΝ
Α—1171	128ΑΟ	77250	ΡΑΠΤΟΜΗΧΑΝΗ	ΑΘΗΝΑΙ
25009	149ΑΟ	78904	ΡΑΠΤΟΜΗΧΑΝΗ	ΚΑΣΤΕΛΛΙΟΝ
25029	118ΑΑ	98020	ΤΗΛΕΟΡΑΣΙΣ	ΑΘΗΝΑΙ
25141	126ΑΑ	76321	ΡΑΠΤΟΜΗΧΑΝΗ	ΑΘΗΝΑΙ
20010	108ΑΑ	56311	ΤΗΛΕΟΡΑΣΙΣ	ΛΑΜΙΑ
13072	119ΑΟ	22170	ΤΗΛΕΟΡΑΣΙΣ	ΚΑΡΔΙΤΣΑ
17321	114ΑΟ	57015	ΡΑΠΤΟΜΗΧΑΝΗ	ΚΑΡΠΕΝΗΣΙ
21020	135ΑΑ	56221	ΤΗΛΕΟΡΑΣΙΣ	ΞΑΝΘΗ
15113	137ΑΑ	76208	ΡΑΠΤΟΜΗΧΑΝΗ	ΑΘΗΝΑΙ
28099	106ΑΟ	67291	ΡΑΠΤΟΜΗΧΑΝΗ	ΠΕΙΡΑΙΕΥΣ
ΔΙΑΝΕΜΟΜΕΝΑ ΔΩΡΑ
1) 2 αὐτοκίνητα MORETTI 128 BERLINA
2) 25 ραδιοτηλεοράσεις «IZOLA»
3) 5 ἡλ. κουζίνες, μαγνητόφωνα καί προβολεῖς EUMIG
4) 10 μαγνητόφωνα NATIONAL RQ—207 S
5) 15 ραπτομηχαναί DALA SUPER
ΚΛΗΡΩΣΙΣ 13—1—72 ΛΗΞΙΣ ΕΞΑΜΗΝΟΥ 13—7—72
Ἐν Ἀθήναις τῇ 11—1—72
